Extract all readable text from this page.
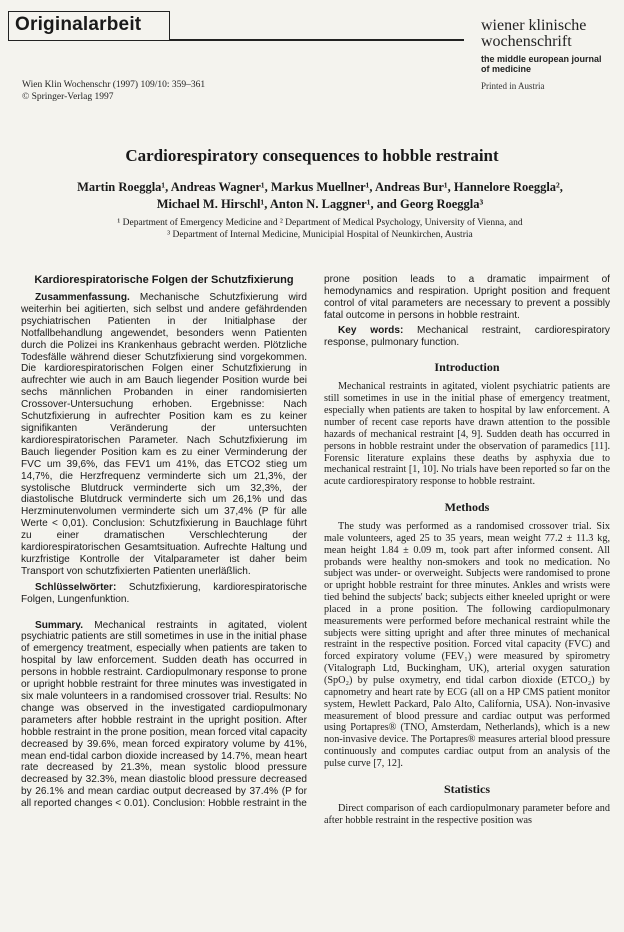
Originalarbeit	wiener klinische
wochenschrift
the middle european journal
of medicine
Printed in Austria
Wien Klin Wochenschr (1997) 109/10: 359–361
© Springer-Verlag 1997
Cardiorespiratory consequences to hobble restraint
Martin Roeggla¹, Andreas Wagner¹, Markus Muellner¹, Andreas Bur¹, Hannelore Roeggla²,
Michael M. Hirschl¹, Anton N. Laggner¹, and Georg Roeggla³
¹ Department of Emergency Medicine and ² Department of Medical Psychology, University of Vienna, and
³ Department of Internal Medicine, Municipial Hospital of Neunkirchen, Austria
Kardiorespiratorische Folgen der Schutzfixierung

Zusammenfassung. Mechanische Schutzfixierung wird weiterhin bei agitierten, sich selbst und andere gefährdenden psychiatrischen Patienten in der Initialphase der Notfallbehandlung angewendet, besonders wenn Patienten durch die Polizei ins Krankenhaus gebracht werden. Plötzliche Todesfälle während dieser Schutzfixierung sind vorgekommen. Die kardiorespiratorischen Folgen einer Schutzfixierung in aufrechter wie auch in am Bauch liegender Position wurde bei sechs männlichen Probanden in einer randomisierten Crossover-Untersuchung erhoben. Ergebnisse: Nach Schutzfixierung in aufrechter Position kam es zu keiner signifikanten Veränderung der untersuchten kardiorespiratorischen Parameter. Nach Schutzfixierung im Bauch liegender Position kam es zu einer Verminderung der FVC um 39,6%, das FEV1 um 41%, das ETCO2 stieg um 14,7%, die Herzfrequenz verminderte sich um 21,3%, der systolische Blutdruck verminderte sich um 32,3%, der diastolische Blutdruck verminderte sich um 26,1% und das Herzminutenvolumen verminderte sich um 37,4% (P für alle Werte < 0,01). Conclusion: Schutzfixierung in Bauchlage führt zu einer dramatischen Verschlechterung der kardiorespiratorischen Gesamtsituation. Aufrechte Haltung und kurzfristige Kontrolle der Vitalparameter ist daher beim Transport von schutzfixierten Patienten unerläßlich.

Schlüsselwörter: Schutzfixierung, kardiorespiratorische Folgen, Lungenfunktion.

Summary. Mechanical restraints in agitated, violent psychiatric patients are still sometimes in use in the initial phase of emergency treatment, especially when patients are taken to hospital by law enforcement. Sudden death has occurred in persons in hobble restraint. Cardiopulmonary response to prone or upright hobble restraint for three minutes was investigated in six male volunteers in a randomised crossover trial. Results: No change was observed in the investigated cardiopulmonary parameters after hobble restraint in the upright position. After hobble restraint in the prone position, mean forced vital capacity decreased by 39.6%, mean forced expiratory volume by 41%, mean end-tidal carbon dioxide increased by 14.7%, mean heart rate decreased by 21.3%, mean systolic blood pressure decreased by 32.3%, mean diastolic blood pressure decreased by 26.1% and mean cardiac output decreased by 37.4% (P for all reported changes < 0.01). Conclusion: Hobble restraint in the

prone position leads to a dramatic impairment of hemodynamics and respiration. Upright position and frequent control of vital parameters are necessary to prevent a possibly fatal outcome in persons in hobble restraint.

Key words: Mechanical restraint, cardiorespiratory response, pulmonary function.

Introduction

Mechanical restraints in agitated, violent psychiatric patients are still sometimes in use in the initial phase of emergency treatment, especially when patients are taken to hospital by law enforcement. A number of recent case reports have drawn attention to the possible hazards of mechanical restraint [4, 9]. Sudden death has occurred in persons in hobble restraint under the observation of paramedics [11]. Forensic literature explains these deaths by asphyxia due to mechanical restraint [1, 10]. No trials have been reported so far on the acute cardiorespiratory response to hobble restraint.

Methods

The study was performed as a randomised crossover trial. Six male volunteers, aged 25 to 35 years, mean weight 77.2 ± 11.3 kg, mean height 1.84 ± 0.09 m, took part after informed consent. All probands were healthy non-smokers and took no medication. No subject was under- or overweight. Subjects were randomised to prone or upright hobble restraint for three minutes. Ankles and wrists were tied behind the subjects' back; subjects either kneeled upright or were placed in a prone position. The following cardiopulmonary measurements were performed before mechanical restraint while the subjects were sitting upright and after three minutes of mechanical restraint in the respective position. Forced vital capacity (FVC) and forced expiratory volume (FEV₁) were measured by spirometry (Vitalograph Ltd, Buckingham, UK), arterial oxygen saturation (SpO₂) by pulse oxymetry, end tidal carbon dioxide (ETCO₂) by capnometry and heart rate by ECG (all on a HP CMS patient monitor system, Hewlett Packard, Palo Alto, California, USA). Non-invasive measurement of blood pressure and cardiac output was performed using Portapres® (TNO, Amsterdam, Netherlands), which is a new non-invasive device. The Portapres® measures arterial blood pressure continuously and computes cardiac output from an analysis of the pulse curve [7, 12].

Statistics

Direct comparison of each cardiopulmonary parameter before and after hobble restraint in the respective position was
